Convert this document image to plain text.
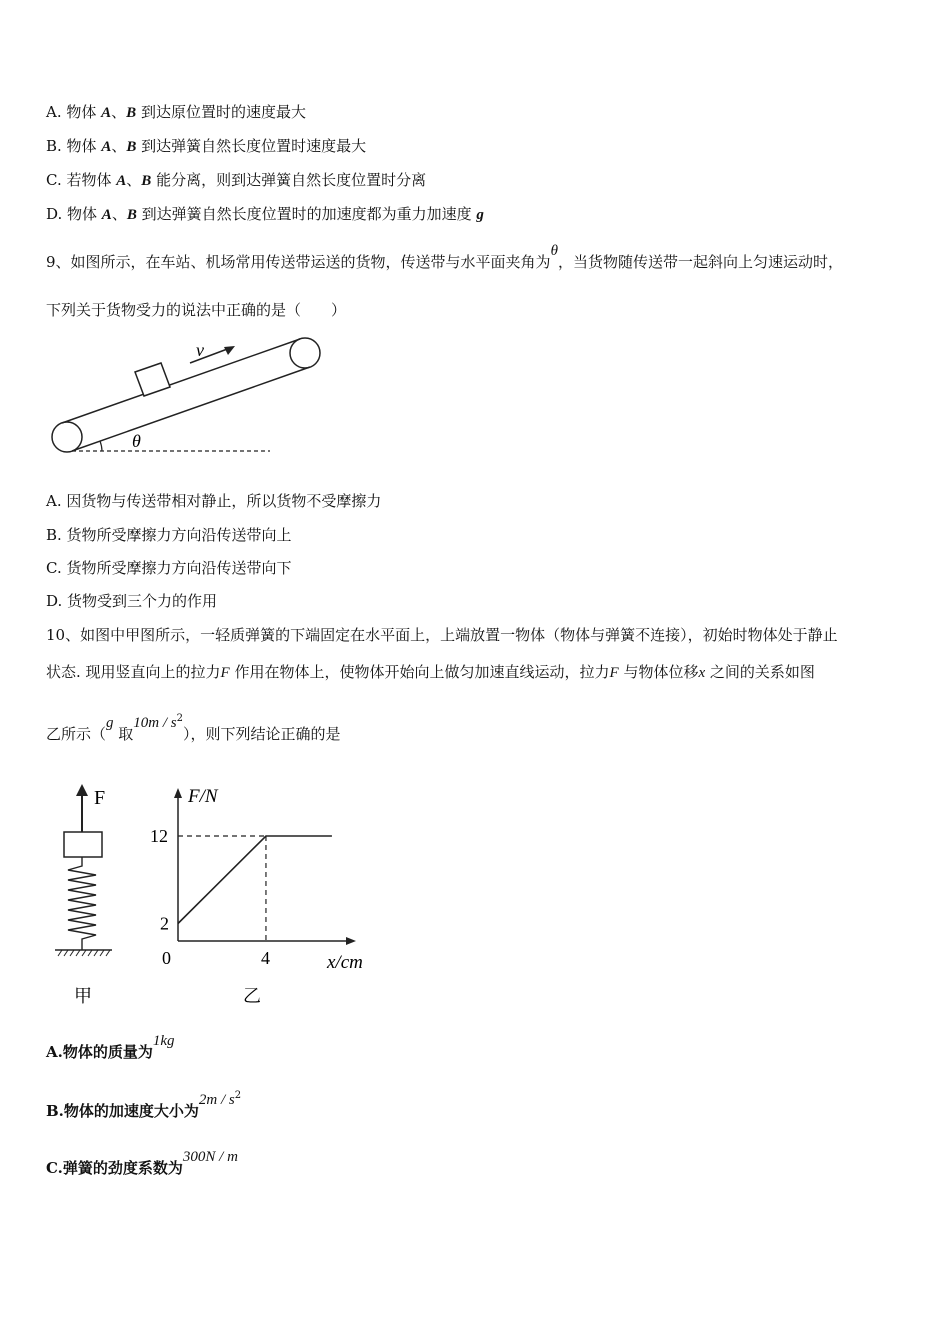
A. 物体 A、B 到达原位置时的速度最大
B. 物体 A、B 到达弹簧自然长度位置时速度最大
C. 若物体 A、B 能分离，则到达弹簧自然长度位置时分离
D. 物体 A、B 到达弹簧自然长度位置时的加速度都为重力加速度 g
9、如图所示，在车站、机场常用传送带运送的货物，传送带与水平面夹角为θ，当货物随传送带一起斜向上匀速运动时，
下列关于货物受力的说法中正确的是（　　）
v
θ
A. 因货物与传送带相对静止，所以货物不受摩擦力
B. 货物所受摩擦力方向沿传送带向上
C. 货物所受摩擦力方向沿传送带向下
D. 货物受到三个力的作用
10、如图中甲图所示，一轻质弹簧的下端固定在水平面上，上端放置一物体（物体与弹簧不连接），初始时物体处于静止
状态. 现用竖直向上的拉力F 作用在物体上，使物体开始向上做匀加速直线运动，拉力F 与物体位移x 之间的关系如图
乙所示（g 取$10m / s^2$），则下列结论正确的是
F
甲
F/N
x/cm
0	4
2
12
乙
A.物体的质量为1kg
B.物体的加速度大小为$2m / s^2$
C.弹簧的劲度系数为300N / m
